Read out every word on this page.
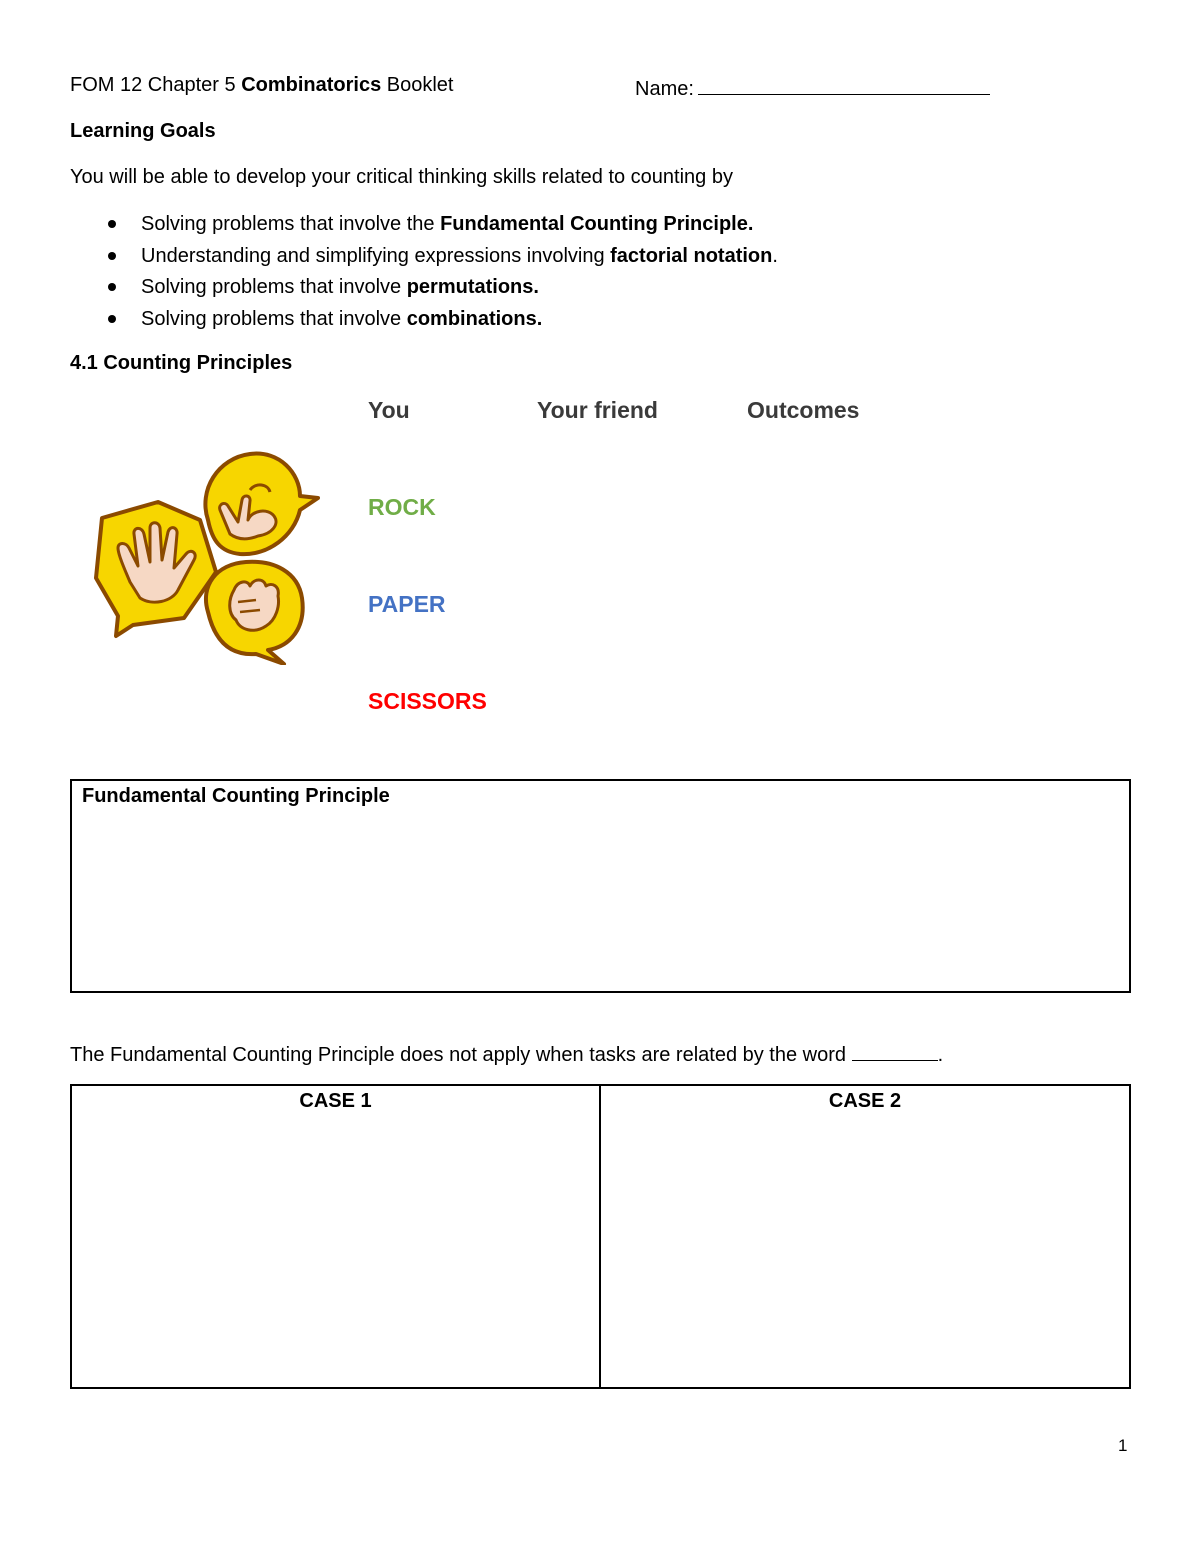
FOM 12 Chapter 5 Combinatorics Booklet	Name:
Learning Goals
You will be able to develop your critical thinking skills related to counting by
Solving problems that involve the Fundamental Counting Principle.
Understanding and simplifying expressions involving factorial notation.
Solving problems that involve permutations.
Solving problems that involve combinations.
4.1 Counting Principles
You	Your friend	Outcomes
ROCK
PAPER
SCISSORS
Fundamental Counting Principle
The Fundamental Counting Principle does not apply when tasks are related by the word	.
CASE 1	CASE 2
1
